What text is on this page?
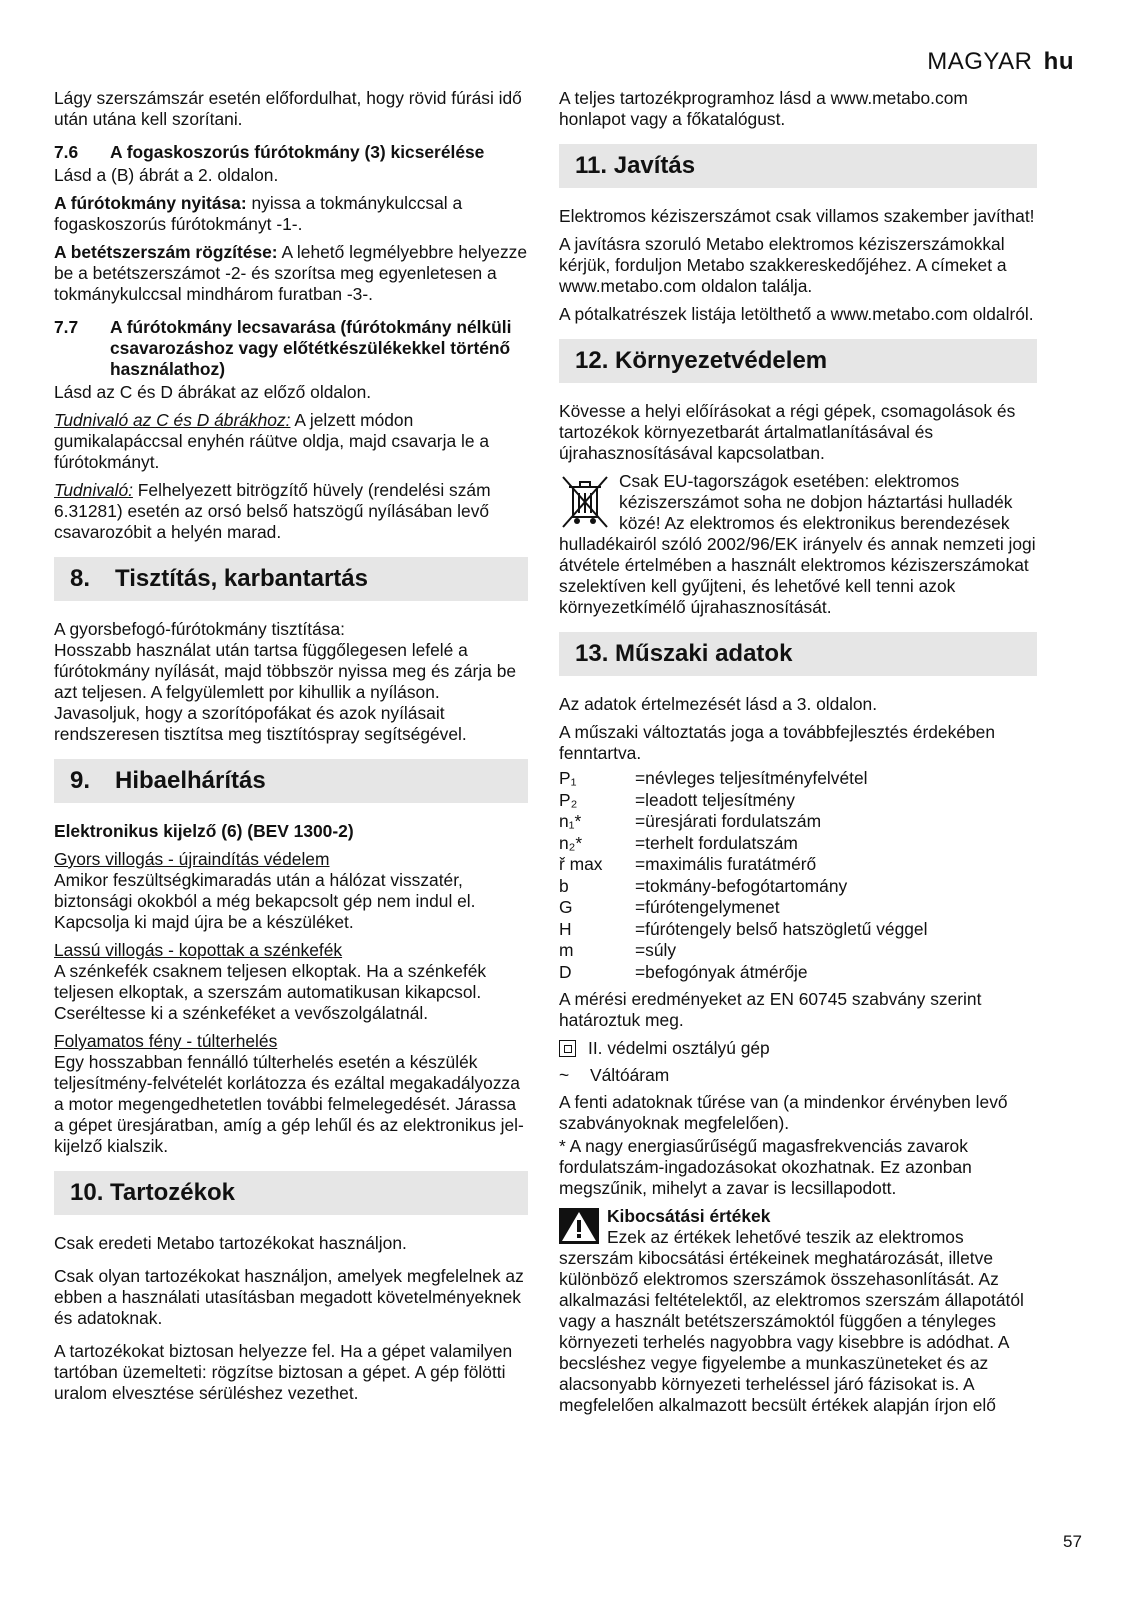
MAGYAR hu

Lágy szerszámszár esetén előfordulhat, hogy rövid fúrási idő után utána kell szorítani.

7.6	A fogaskoszorús fúrótokmány (3) kicserélése

Lásd a (B) ábrát a 2. oldalon.

A fúrótokmány nyitása: nyissa a tokmánykulccsal a fogaskoszorús fúrótokmányt -1-.

A betétszerszám rögzítése: A lehető legmélyebbre helyezze be a betétszerszámot -2- és szorítsa meg egyenletesen a tokmánykulccsal mindhárom furatban -3-.

7.7	A fúrótokmány lecsavarása (fúrótokmány nélküli csavarozáshoz vagy előtétkészülékekkel történő használathoz)

Lásd az C és D ábrákat az előző oldalon.

Tudnivaló az C és D ábrákhoz: A jelzett módon gumikalapáccsal enyhén ráütve oldja, majd csavarja le a fúrótokmányt.

Tudnivaló: Felhelyezett bitrögzítő hüvely (rendelési szám 6.31281) esetén az orsó belső hatszögű nyílásában levő csavarozóbit a helyén marad.

8. Tisztítás, karbantartás

A gyorsbefogó-fúrótokmány tisztítása:

Hosszabb használat után tartsa függőlegesen lefelé a fúrótokmány nyílását, majd többször nyissa meg és zárja be azt teljesen. A felgyülemlett por kihullik a nyíláson. Javasoljuk, hogy a szorítópofákat és azok nyílásait rendszeresen tisztítsa meg tisztítóspray segítségével.

9. Hibaelhárítás

Elektronikus kijelző (6) (BEV 1300-2)

Gyors villogás - újraindítás védelem

Amikor feszültségkimaradás után a hálózat visszatér, biztonsági okokból a még bekapcsolt gép nem indul el. Kapcsolja ki majd újra be a készüléket.

Lassú villogás - kopottak a szénkefék

A szénkefék csaknem teljesen elkoptak. Ha a szénkefék teljesen elkoptak, a szerszám automatikusan kikapcsol. Cseréltesse ki a szénkeféket a vevőszolgálatnál.

Folyamatos fény - túlterhelés

Egy hosszabban fennálló túlterhelés esetén a készülék teljesítmény-felvételét korlátozza és ezáltal megakadályozza a motor megengedhetetlen további felmelegedését. Járassa a gépet üresjáratban, amíg a gép lehűl és az elektronikus jel-kijelző kialszik.

10. Tartozékok

Csak eredeti Metabo tartozékokat használjon.

Csak olyan tartozékokat használjon, amelyek megfelelnek az ebben a használati utasításban megadott követelményeknek és adatoknak.

A tartozékokat biztosan helyezze fel. Ha a gépet valamilyen tartóban üzemelteti: rögzítse biztosan a gépet. A gép fölötti uralom elvesztése sérüléshez vezethet.

A teljes tartozékprogramhoz lásd a www.metabo.com honlapot vagy a főkatalógust.

11. Javítás

Elektromos kéziszerszámot csak villamos szakember javíthat!

A javításra szoruló Metabo elektromos kéziszerszámokkal kérjük, forduljon Metabo szakkereskedőjéhez. A címeket a www.metabo.com oldalon találja.

A pótalkatrészek listája letölthető a www.metabo.com oldalról.

12. Környezetvédelem

Kövesse a helyi előírásokat a régi gépek, csomagolások és tartozékok környezetbarát ártalmatlanításával és újrahasznosításával kapcsolatban.

Csak EU-tagországok esetében: elektromos kéziszerszámot soha ne dobjon háztartási hulladék közé! Az elektromos és elektronikus berendezések hulladékairól szóló 2002/96/EK irányelv és annak nemzeti jogi átvétele értelmében a használt elektromos kéziszerszámokat szelektíven kell gyűjteni, és lehetővé kell tenni azok környezetkímélő újrahasznosítását.

13. Műszaki adatok

Az adatok értelmezését lásd a 3. oldalon.

A műszaki változtatás joga a továbbfejlesztés érdekében fenntartva.

P₁	=névleges teljesítményfelvétel
P₂	=leadott teljesítmény
n₁*	=üresjárati fordulatszám
n₂*	=terhelt fordulatszám
ř max	=maximális furatátmérő
b	=tokmány-befogótartomány
G	=fúrótengelymenet
H	=fúrótengely belső hatszögletű véggel
m	=súly
D	=befogónyak átmérője

A mérési eredményeket az EN 60745 szabvány szerint határoztuk meg.

II. védelmi osztályú gép
~	Váltóáram

A fenti adatoknak tűrése van (a mindenkor érvényben levő szabványoknak megfelelően).

* A nagy energiasűrűségű magasfrekvenciás zavarok fordulatszám-ingadozásokat okozhatnak. Ez azonban megszűnik, mihelyt a zavar is lecsillapodott.

Kibocsátási értékek
Ezek az értékek lehetővé teszik az elektromos szerszám kibocsátási értékeinek meghatározását, illetve különböző elektromos szerszámok összehasonlítását. Az alkalmazási feltételektől, az elektromos szerszám állapotától vagy a használt betétszerszámoktól függően a tényleges környezeti terhelés nagyobbra vagy kisebbre is adódhat. A becsléshez vegye figyelembe a munkaszüneteket és az alacsonyabb környezeti terheléssel járó fázisokat is. A megfelelően alkalmazott becsült értékek alapján írjon elő
57
